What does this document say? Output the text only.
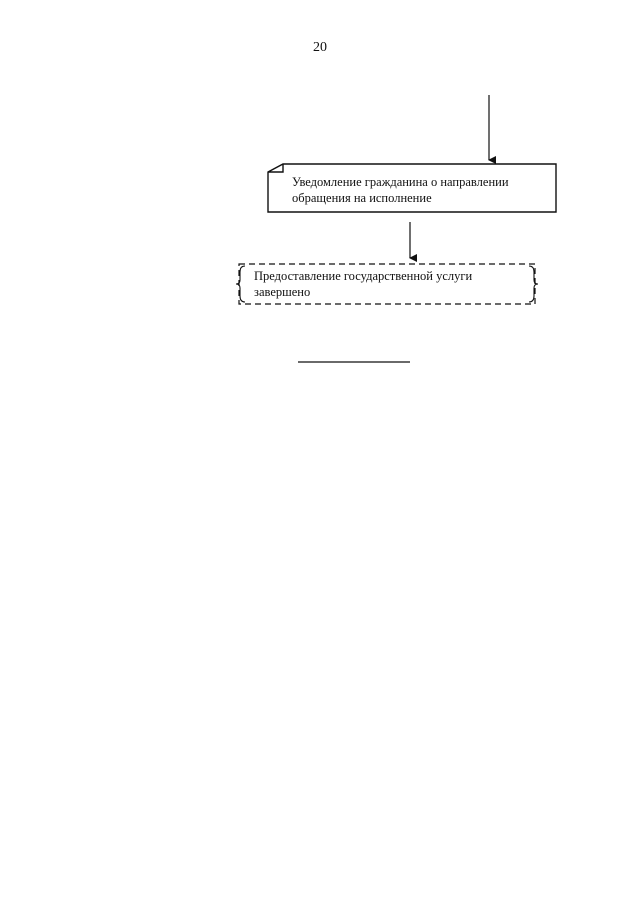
20
Уведомление гражданина о направлении обращения на исполнение
Предоставление государственной услуги завершено
